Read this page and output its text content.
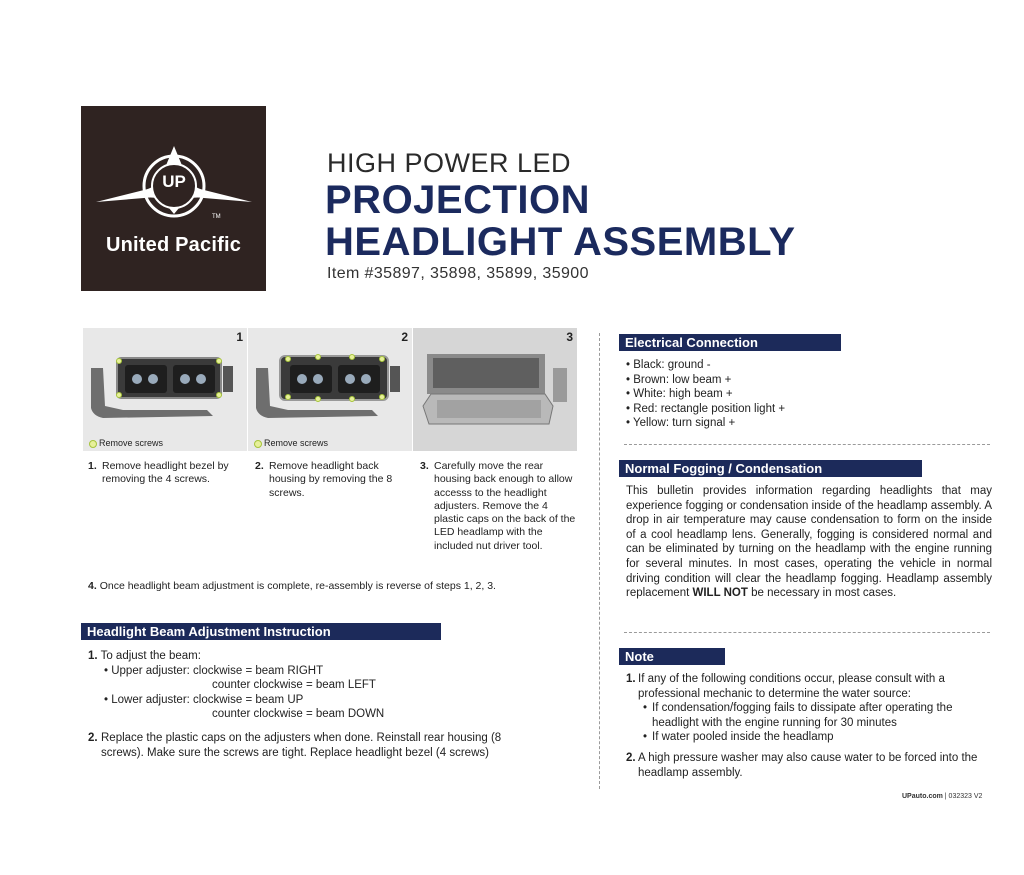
UP
TM
United Pacific
HIGH POWER LED
PROJECTION
HEADLIGHT ASSEMBLY
Item #35897, 35898, 35899, 35900
1
Remove screws
2
Remove screws
3
1. Remove headlight bezel by removing the 4 screws.
2. Remove headlight back housing by removing the 8 screws.
3. Carefully move the rear housing back enough to allow accesss to the headlight adjusters. Remove the 4 plastic caps on the back of the LED headlamp with the included nut driver tool.
4. Once headlight beam adjustment is complete, re-assembly is reverse of steps 1, 2, 3.
Headlight Beam Adjustment Instruction
1. To adjust the beam:
• Upper adjuster: clockwise = beam RIGHT
counter clockwise = beam LEFT
• Lower adjuster: clockwise = beam UP
counter clockwise = beam DOWN
2. Replace the plastic caps on the adjusters when done. Reinstall rear housing (8 screws). Make sure the screws are tight. Replace headlight bezel (4 screws)
Electrical Connection
• Black: ground -
• Brown: low beam +
• White: high beam +
• Red: rectangle position light +
• Yellow: turn signal +
Normal Fogging / Condensation
This bulletin provides information regarding headlights that may experience fogging or condensation inside of the headlamp assembly. A drop in air temperature may cause condensation to form on the inside of a cool headlamp lens. Generally, fogging is considered normal and can be eliminated by turning on the headlamp with the engine running for several minutes. In most cases, operating the vehicle in normal driving condition will clear the headlamp fogging. Headlamp assembly replacement WILL NOT be necessary in most cases.
Note
1. If any of the following conditions occur, please consult with a professional mechanic to determine the water source:
• If condensation/fogging fails to dissipate after operating the headlight with the engine running for 30 minutes
• If water pooled inside the headlamp
2. A high pressure washer may also cause water to be forced into the headlamp assembly.
UPauto.com | 032323 V2
